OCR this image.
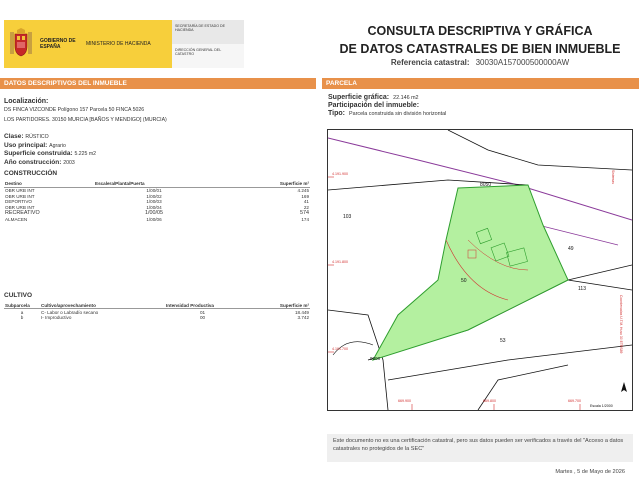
GOBIERNO DE ESPAÑA	MINISTERIO DE HACIENDA
SECRETARÍA DE ESTADO DE HACIENDA
DIRECCIÓN GENERAL DEL CATASTRO
CONSULTA DESCRIPTIVA Y GRÁFICA
DE DATOS CATASTRALES DE BIEN INMUEBLE
Referencia catastral: 30030A157000500000AW
DATOS DESCRIPTIVOS DEL INMUEBLE	PARCELA
Localización:
DS FINCA VIZCONDE Polígono 157 Parcela 50 FINCA 5026
LOS PARTIDORES. 30150 MURCIA [BAÑOS Y MENDIGO] (MURCIA)
Clase: RÚSTICO
Uso principal: Agrario
Superficie construida: 5.225 m2
Año construcción: 2003
CONSTRUCCIÓN
Destino	Escalera/Planta/Puerta	Superficie m²
OBR URB INT	1/00/01	4.245
OBR URB INT	1/00/02	169
DEPORTIVO	1/00/03	41
OBR URB INT	1/00/04	22
RECREATIVO	1/00/05	574
ALMACEN	1/00/06	174
CULTIVO
Subparcela	Cultivo/aprovechamiento	Intensidad Productiva	Superficie m²
a	C- Labor o Labradío secano	01	18.449
b	I- Improductivo	00	3.742
Superficie gráfica: 22.146 m2
Participación del inmueble:
Tipo: Parcela construida sin división horizontal
8050
103
49
50
113
53
9008
4.191.900
4.191.800
4.191.700
669.900	669.800	669.700
Sistemas
Coordenadas U.T.M. Huso 30 ETRS89
Escala 1/2000
Este documento no es una certificación catastral, pero sus datos pueden ser verificados a través del "Acceso a datos catastrales no protegidos de la SEC"
Martes , 5 de Mayo de 2026
